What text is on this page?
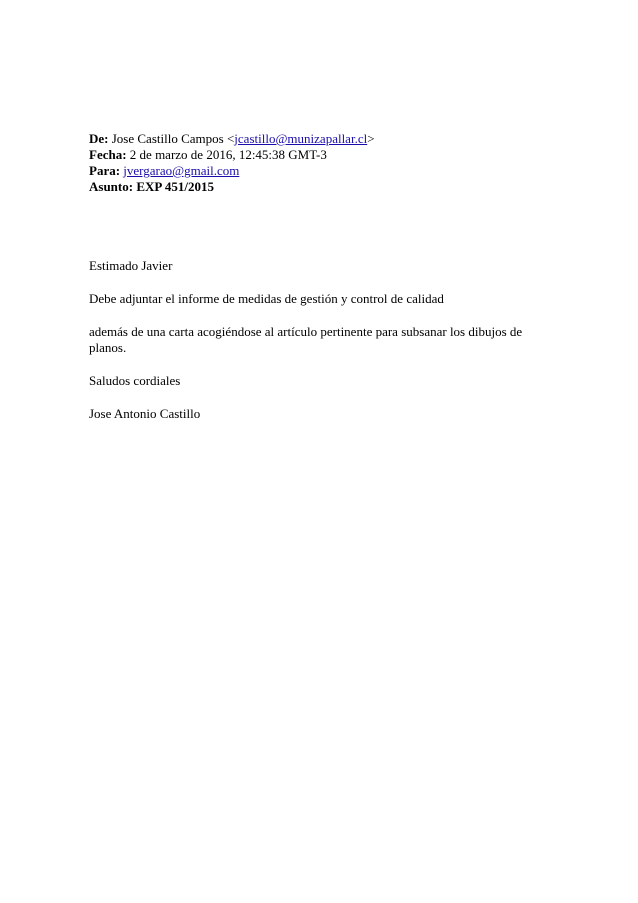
De: Jose Castillo Campos <jcastillo@munizapallar.cl>
Fecha: 2 de marzo de 2016, 12:45:38 GMT-3
Para: jvergarao@gmail.com
Asunto: EXP 451/2015

Estimado Javier

Debe adjuntar el informe de medidas de gestión y control de calidad

además de una carta acogiéndose al artículo pertinente para subsanar los dibujos de planos.

Saludos cordiales

Jose Antonio Castillo
